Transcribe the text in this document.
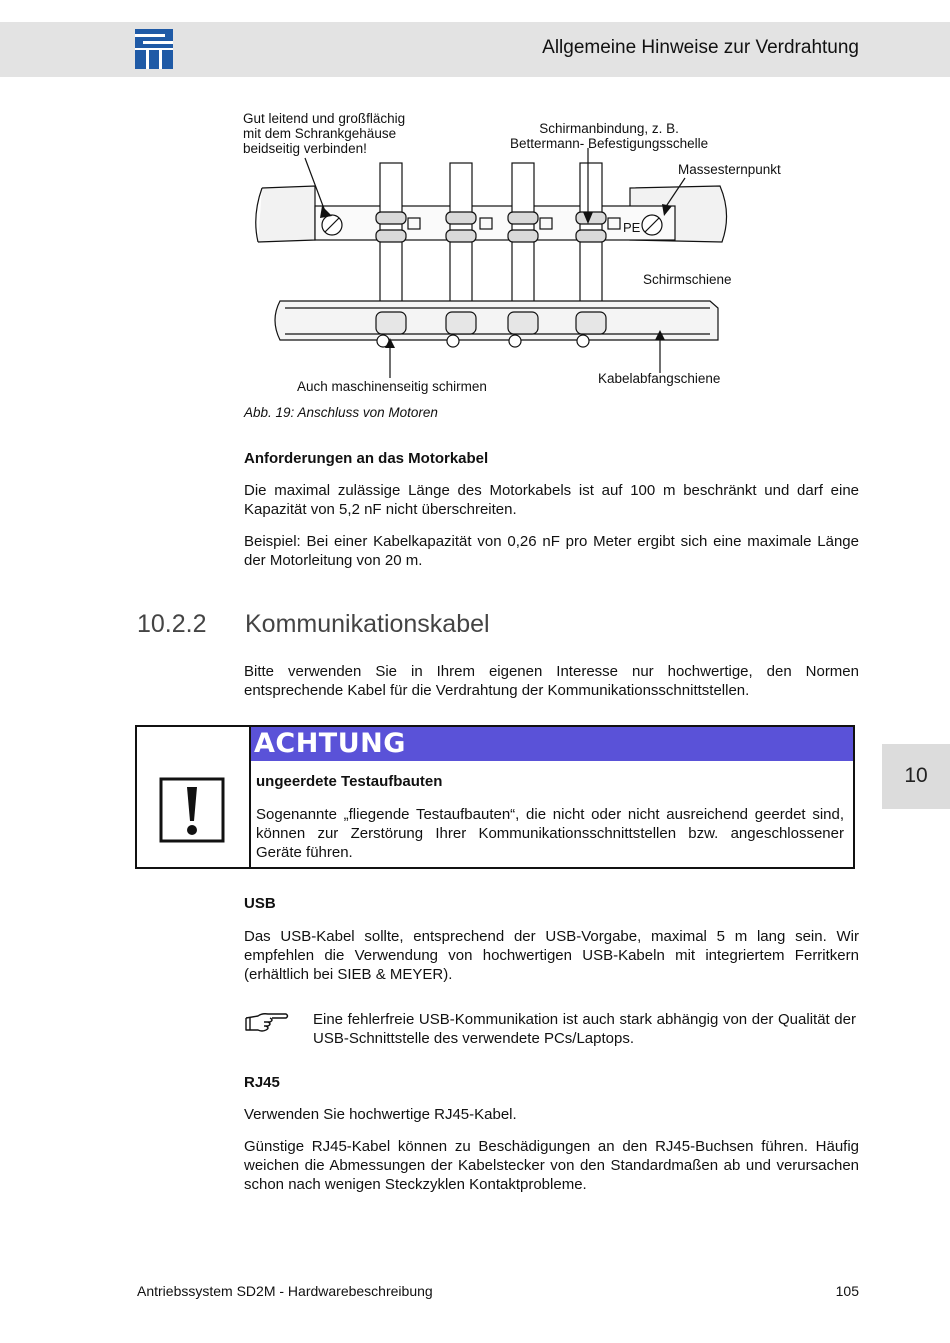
Allgemeine Hinweise zur Verdrahtung
Gut leitend und großflächig
mit dem Schrankgehäuse
beidseitig verbinden!
Schirmanbindung, z. B.
Bettermann- Befestigungsschelle
Massesternpunkt
PE
Schirmschiene
Auch maschinenseitig schirmen
Kabelabfangschiene
Abb. 19: Anschluss von Motoren
Anforderungen an das Motorkabel
Die maximal zulässige Länge des Motorkabels ist auf 100 m beschränkt und darf eine Kapazität von 5,2 nF nicht überschreiten.
Beispiel: Bei einer Kabelkapazität von 0,26 nF pro Meter ergibt sich eine maximale Länge der Motorleitung von 20 m.
10.2.2 Kommunikationskabel
Bitte verwenden Sie in Ihrem eigenen Interesse nur hochwertige, den Normen entsprechende Kabel für die Verdrahtung der Kommunikationsschnittstellen.
10
ACHTUNG
ungeerdete Testaufbauten
Sogenannte „fliegende Testaufbauten“, die nicht oder nicht ausreichend geerdet sind, können zur Zerstörung Ihrer Kommunikationsschnittstellen bzw. angeschlossener Geräte führen.
USB
Das USB-Kabel sollte, entsprechend der USB-Vorgabe, maximal 5 m lang sein. Wir empfehlen die Verwendung von hochwertigen USB-Kabeln mit integriertem Ferritkern (erhältlich bei SIEB & MEYER).
Eine fehlerfreie USB-Kommunikation ist auch stark abhängig von der Qualität der USB-Schnittstelle des verwendete PCs/Laptops.
RJ45
Verwenden Sie hochwertige RJ45-Kabel.
Günstige RJ45-Kabel können zu Beschädigungen an den RJ45-Buchsen führen. Häufig weichen die Abmessungen der Kabelstecker von den Standardmaßen ab und verursachen schon nach wenigen Steckzyklen Kontaktprobleme.
Antriebssystem SD2M - Hardwarebeschreibung	105
